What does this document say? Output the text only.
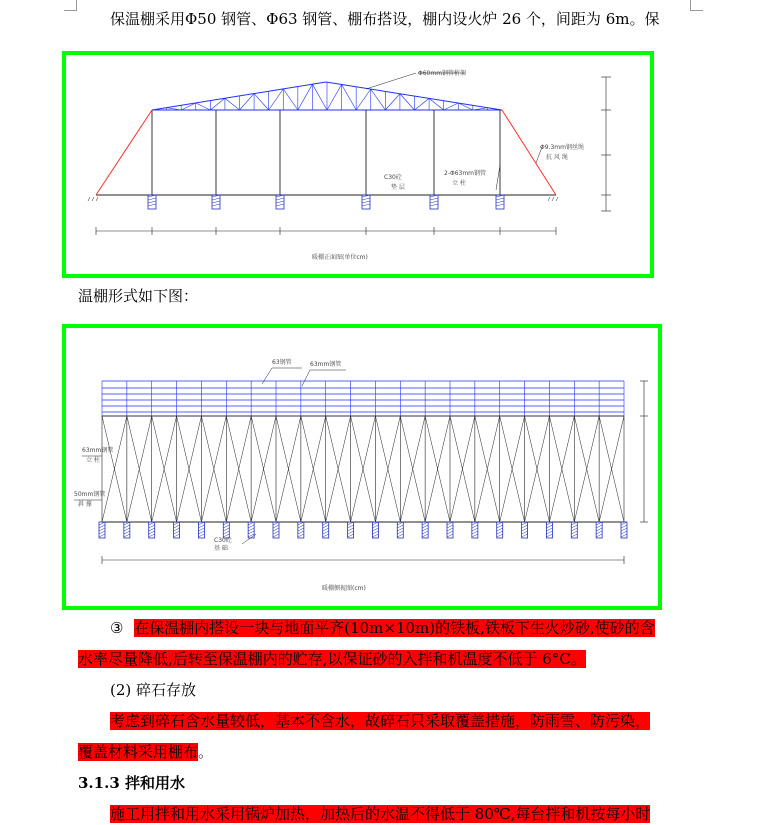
保温棚采用Φ50 钢管、Φ63 钢管、棚布搭设，棚内设火炉 26 个，间距为 6m。保
Φ60mm钢管桁架
C30砼
垫 层
2-Φ63mm钢管
立 柱
Φ9.3mm钢丝绳
抗 风 绳
暖棚正面图(单位cm)
温棚形式如下图：
63钢管	63mm钢管
63mm钢管
立 柱
50mm钢管
斜 撑
C30砼
基 础
暖棚侧视图(cm)
③ 在保温棚内搭设一块与地面平齐(10m×10m)的铁板,铁板下生火炒砂,使砂的含
水率尽量降低,后转至保温棚内的贮存,以保证砂的入拌和机温度不低于 6°C。
(2) 碎石存放
考虑到碎石含水量较低，基本不含水，故碎石只采取覆盖措施，防雨雪、防污染，
覆盖材料采用棚布。
3.1.3 拌和用水
施工用拌和用水采用锅炉加热，加热后的水温不得低于 80℃,每台拌和机按每小时
